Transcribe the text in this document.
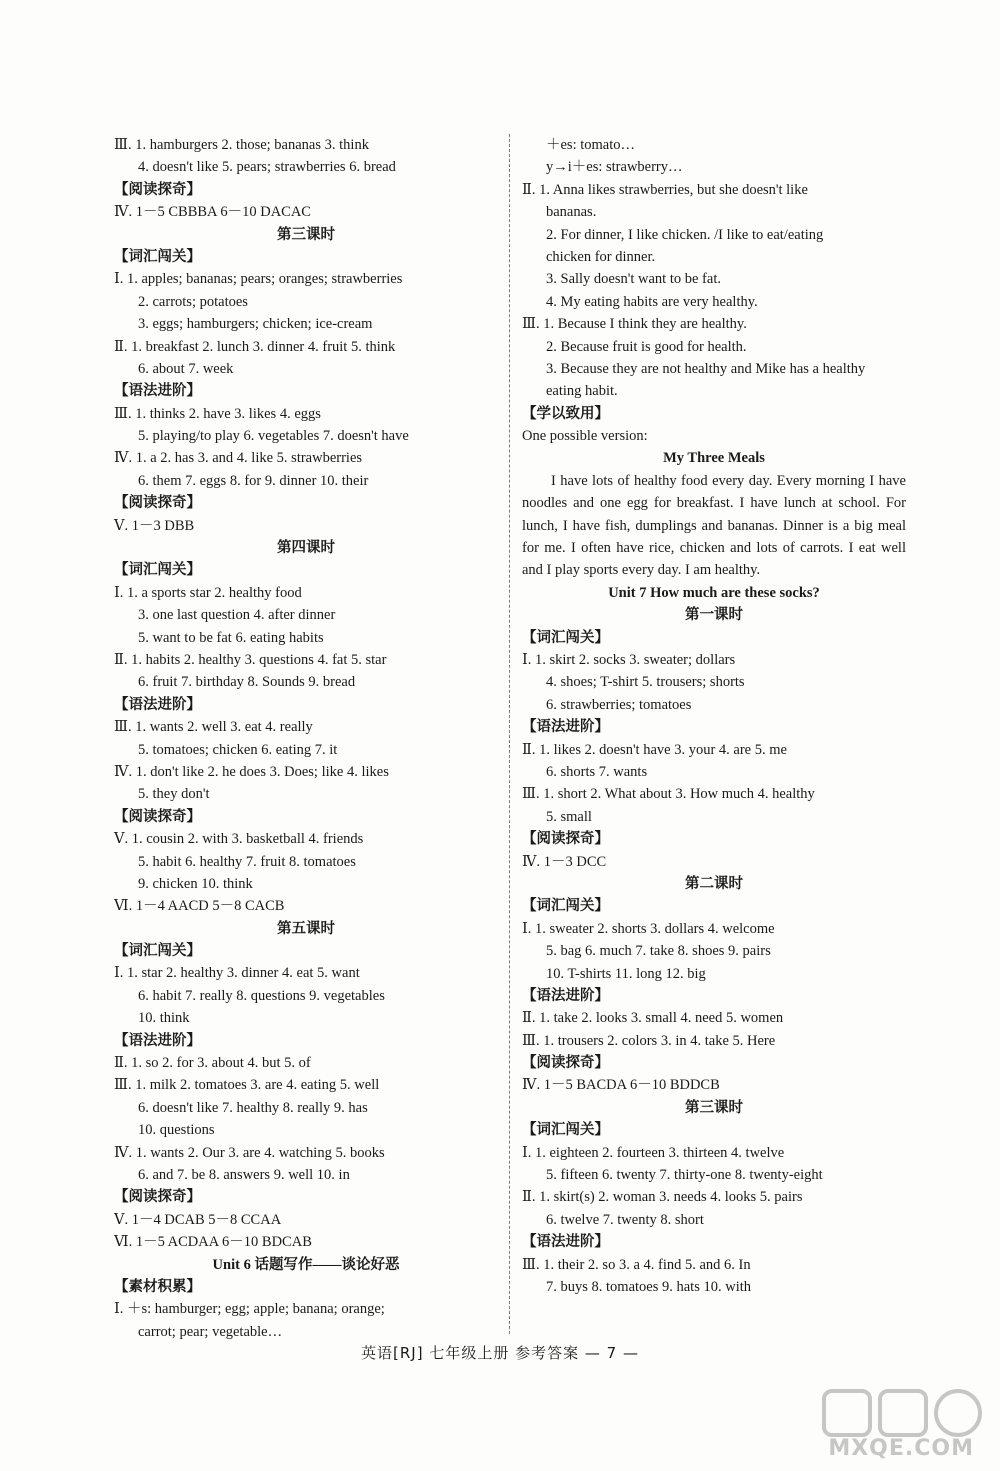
Ⅲ. 1. hamburgers 2. those; bananas 3. think
4. doesn't like 5. pears; strawberries 6. bread
【阅读探奇】
Ⅳ. 1－5 CBBBA 6－10 DACAC
第三课时
【词汇闯关】
Ⅰ. 1. apples; bananas; pears; oranges; strawberries
2. carrots; potatoes
3. eggs; hamburgers; chicken; ice-cream
Ⅱ. 1. breakfast 2. lunch 3. dinner 4. fruit 5. think
6. about 7. week
【语法进阶】
Ⅲ. 1. thinks 2. have 3. likes 4. eggs
5. playing/to play 6. vegetables 7. doesn't have
Ⅳ. 1. a 2. has 3. and 4. like 5. strawberries
6. them 7. eggs 8. for 9. dinner 10. their
【阅读探奇】
Ⅴ. 1－3 DBB
第四课时
【词汇闯关】
Ⅰ. 1. a sports star 2. healthy food
3. one last question 4. after dinner
5. want to be fat 6. eating habits
Ⅱ. 1. habits 2. healthy 3. questions 4. fat 5. star
6. fruit 7. birthday 8. Sounds 9. bread
【语法进阶】
Ⅲ. 1. wants 2. well 3. eat 4. really
5. tomatoes; chicken 6. eating 7. it
Ⅳ. 1. don't like 2. he does 3. Does; like 4. likes
5. they don't
【阅读探奇】
Ⅴ. 1. cousin 2. with 3. basketball 4. friends
5. habit 6. healthy 7. fruit 8. tomatoes
9. chicken 10. think
Ⅵ. 1－4 AACD 5－8 CACB
第五课时
【词汇闯关】
Ⅰ. 1. star 2. healthy 3. dinner 4. eat 5. want
6. habit 7. really 8. questions 9. vegetables
10. think
【语法进阶】
Ⅱ. 1. so 2. for 3. about 4. but 5. of
Ⅲ. 1. milk 2. tomatoes 3. are 4. eating 5. well
6. doesn't like 7. healthy 8. really 9. has
10. questions
Ⅳ. 1. wants 2. Our 3. are 4. watching 5. books
6. and 7. be 8. answers 9. well 10. in
【阅读探奇】
Ⅴ. 1－4 DCAB 5－8 CCAA
Ⅵ. 1－5 ACDAA 6－10 BDCAB
Unit 6 话题写作——谈论好恶
【素材积累】
Ⅰ. ＋s: hamburger; egg; apple; banana; orange;
carrot; pear; vegetable…
＋es: tomato…
y→i＋es: strawberry…
Ⅱ. 1. Anna likes strawberries, but she doesn't like
bananas.
2. For dinner, I like chicken. /I like to eat/eating
chicken for dinner.
3. Sally doesn't want to be fat.
4. My eating habits are very healthy.
Ⅲ. 1. Because I think they are healthy.
2. Because fruit is good for health.
3. Because they are not healthy and Mike has a healthy
eating habit.
【学以致用】
One possible version:
My Three Meals

I have lots of healthy food every day. Every morning I have noodles and one egg for breakfast. I have lunch at school. For lunch, I have fish, dumplings and bananas. Dinner is a big meal for me. I often have rice, chicken and lots of carrots. I eat well and I play sports every day. I am healthy.

Unit 7 How much are these socks?
第一课时
【词汇闯关】
Ⅰ. 1. skirt 2. socks 3. sweater; dollars
4. shoes; T-shirt 5. trousers; shorts
6. strawberries; tomatoes
【语法进阶】
Ⅱ. 1. likes 2. doesn't have 3. your 4. are 5. me
6. shorts 7. wants
Ⅲ. 1. short 2. What about 3. How much 4. healthy
5. small
【阅读探奇】
Ⅳ. 1－3 DCC
第二课时
【词汇闯关】
Ⅰ. 1. sweater 2. shorts 3. dollars 4. welcome
5. bag 6. much 7. take 8. shoes 9. pairs
10. T-shirts 11. long 12. big
【语法进阶】
Ⅱ. 1. take 2. looks 3. small 4. need 5. women
Ⅲ. 1. trousers 2. colors 3. in 4. take 5. Here
【阅读探奇】
Ⅳ. 1－5 BACDA 6－10 BDDCB
第三课时
【词汇闯关】
Ⅰ. 1. eighteen 2. fourteen 3. thirteen 4. twelve
5. fifteen 6. twenty 7. thirty-one 8. twenty-eight
Ⅱ. 1. skirt(s) 2. woman 3. needs 4. looks 5. pairs
6. twelve 7. twenty 8. short
【语法进阶】
Ⅲ. 1. their 2. so 3. a 4. find 5. and 6. In
7. buys 8. tomatoes 9. hats 10. with
英语[RJ] 七年级上册 参考答案 — 7 —
MXQE.COM
